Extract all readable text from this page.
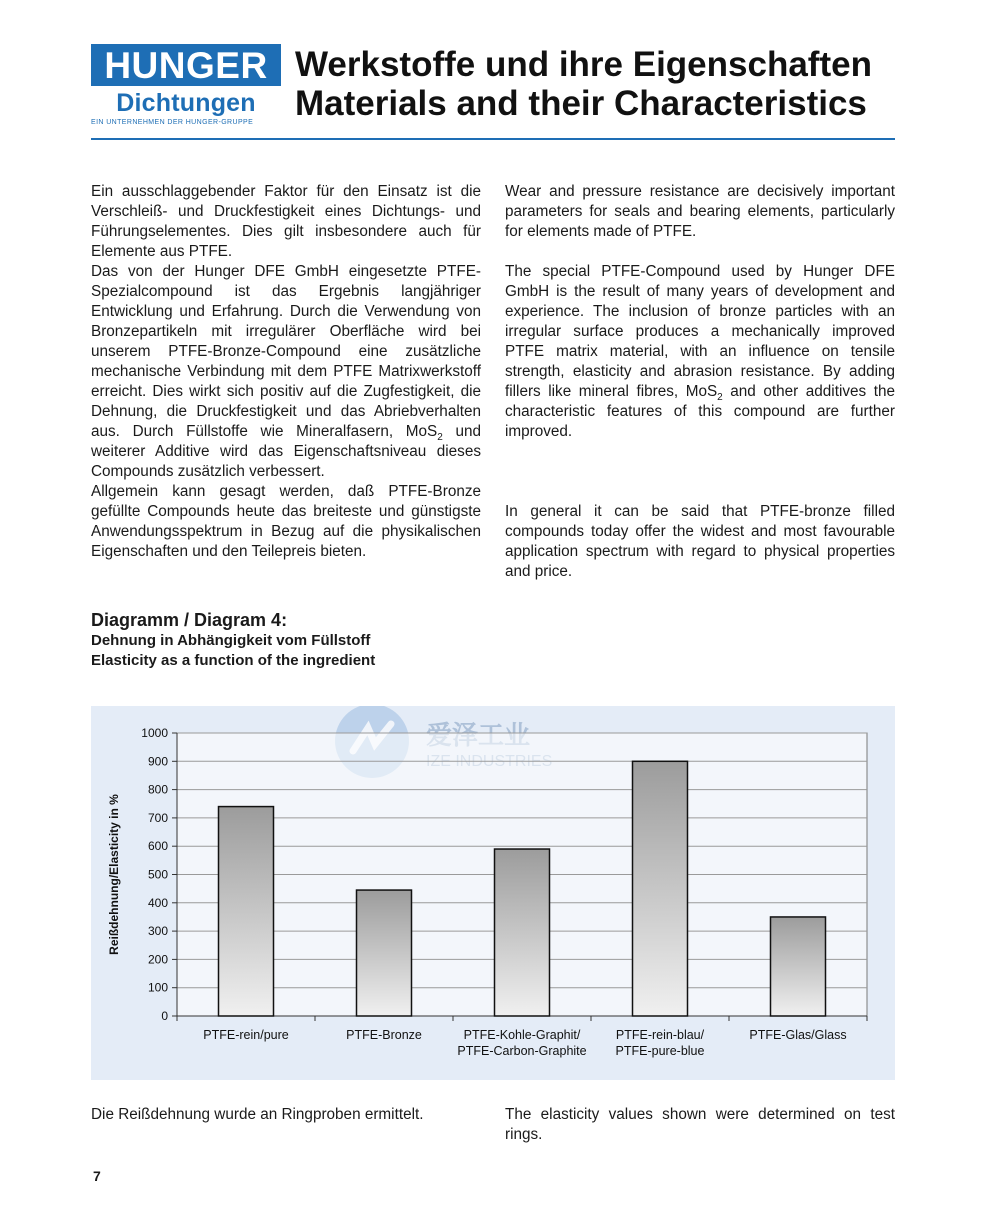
HUNGER
Dichtungen
EIN UNTERNEHMEN DER HUNGER-GRUPPE
Werkstoffe und ihre Eigenschaften
Materials and their Characteristics

Ein ausschlaggebender Faktor für den Einsatz ist die Verschleiß- und Druckfestigkeit eines Dichtungs- und Führungselementes. Dies gilt insbesondere auch für Elemente aus PTFE.

Das von der Hunger DFE GmbH eingesetzte PTFE-Spezialcompound ist das Ergebnis langjähriger Entwicklung und Erfahrung. Durch die Verwendung von Bronzepartikeln mit irregulärer Oberfläche wird bei unserem PTFE-Bronze-Compound eine zusätzliche mechanische Verbindung mit dem PTFE Matrixwerkstoff erreicht. Dies wirkt sich positiv auf die Zugfestigkeit, die Dehnung, die Druckfestigkeit und das Abriebverhalten aus. Durch Füllstoffe wie Mineralfasern, MoS$_2$ und weiterer Additive wird das Eigenschaftsniveau dieses Compounds zusätzlich verbessert.

Allgemein kann gesagt werden, daß PTFE-Bronze gefüllte Compounds heute das breiteste und günstigste Anwendungsspektrum in Bezug auf die physikalischen Eigenschaften und den Teilepreis bieten.

Wear and pressure resistance are decisively important parameters for seals and bearing elements, particularly for elements made of PTFE.

The special PTFE-Compound used by Hunger DFE GmbH is the result of many years of development and experience. The inclusion of bronze particles with an irregular surface produces a mechanically improved PTFE matrix material, with an influence on tensile strength, elasticity and abrasion resistance. By adding fillers like mineral fibres, MoS$_2$ and other additives the characteristic features of this compound are further improved.

In general it can be said that PTFE-bronze filled compounds today offer the widest and most favourable application spectrum with regard to physical properties and price.

Diagramm / Diagram 4:
Dehnung in Abhängigkeit vom Füllstoff
Elasticity as a function of the ingredient
0
100
200
300
400
500
600
700
800
900
1000
PTFE-rein/pure	PTFE-Bronze	PTFE-Kohle-Graphit/
PTFE-Carbon-Graphite
PTFE-rein-blau/
PTFE-pure-blue
PTFE-Glas/Glass
Reißdehnung/Elasticity in %
Die Reißdehnung wurde an Ringproben ermittelt.	The elasticity values shown were determined on test rings.
7
